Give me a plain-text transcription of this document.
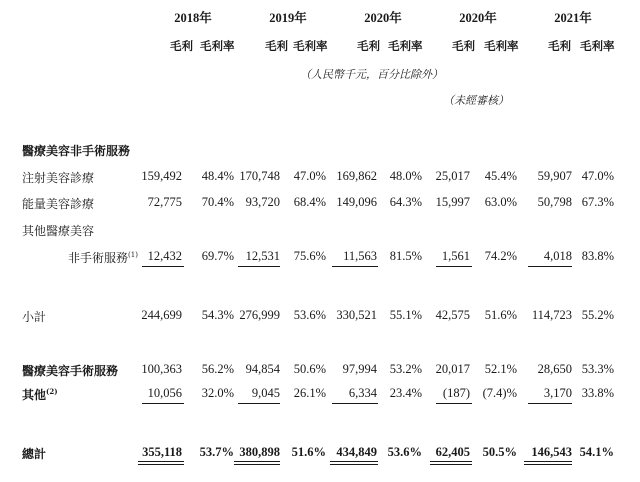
2018年	2019年	2020年	2020年	2021年
毛利 毛利率	毛利 毛利率	毛利 毛利率	毛利 毛利率	毛利 毛利率
（人民幣千元，百分比除外）
（未經審核）
醫療美容非手術服務
注射美容診療	159,492	48.4% 170,748	47.0% 169,862	48.0%	25,017	45.4%	59,907 47.0%
能量美容診療	72,775	70.4% 93,720	68.4% 149,096	64.3%	15,997	63.0%	50,798 67.3%
其他醫療美容
非手術服務$^{(1)}$ 12,432	69.7% 12,531	75.6%	11,563	81.5%	1,561	74.2%	4,018 83.8%
小計	244,699	54.3% 276,999	53.6% 330,521	55.1%	42,575	51.6%	114,723 55.2%
醫療美容手術服務	100,363	56.2% 94,854	50.6%	97,994	53.2%	20,017	52.1%	28,650 53.3%
其他$^{(2)}$	10,056	32.0%	9,045	26.1%	6,334	23.4%	(187)	(7.4)%	3,170 33.8%
總計	355,118	53.7% 380,898 51.6% 434,849 53.6%	62,405	50.5%	146,543 54.1%
